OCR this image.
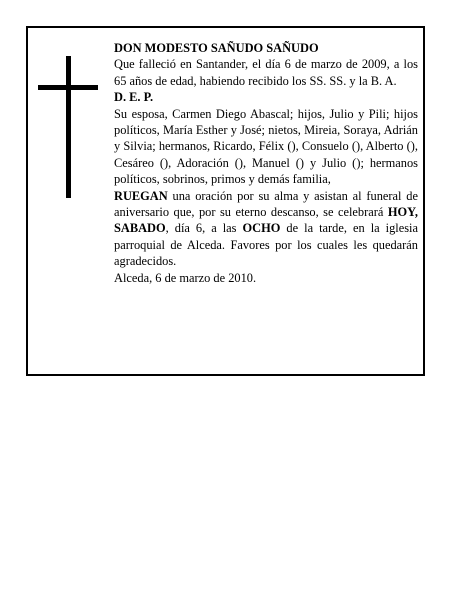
DON MODESTO SAÑUDO SAÑUDO

Que falleció en Santander, el día 6 de marzo de 2009, a los 65 años de edad, habiendo recibido los SS. SS. y la B. A.

D. E. P.

Su esposa, Carmen Diego Abascal; hijos, Julio y Pili; hijos políticos, María Esther y José; nietos, Mireia, Soraya, Adrián y Silvia; hermanos, Ricardo, Félix (), Consuelo (), Alberto (), Cesáreo (), Adoración (), Manuel () y Julio (); hermanos políticos, sobrinos, primos y demás familia,

RUEGAN una oración por su alma y asistan al funeral de aniversario que, por su eterno descanso, se celebrará HOY, SABADO, día 6, a las OCHO de la tarde, en la iglesia parroquial de Alceda. Favores por los cuales les quedarán agradecidos.

Alceda, 6 de marzo de 2010.
